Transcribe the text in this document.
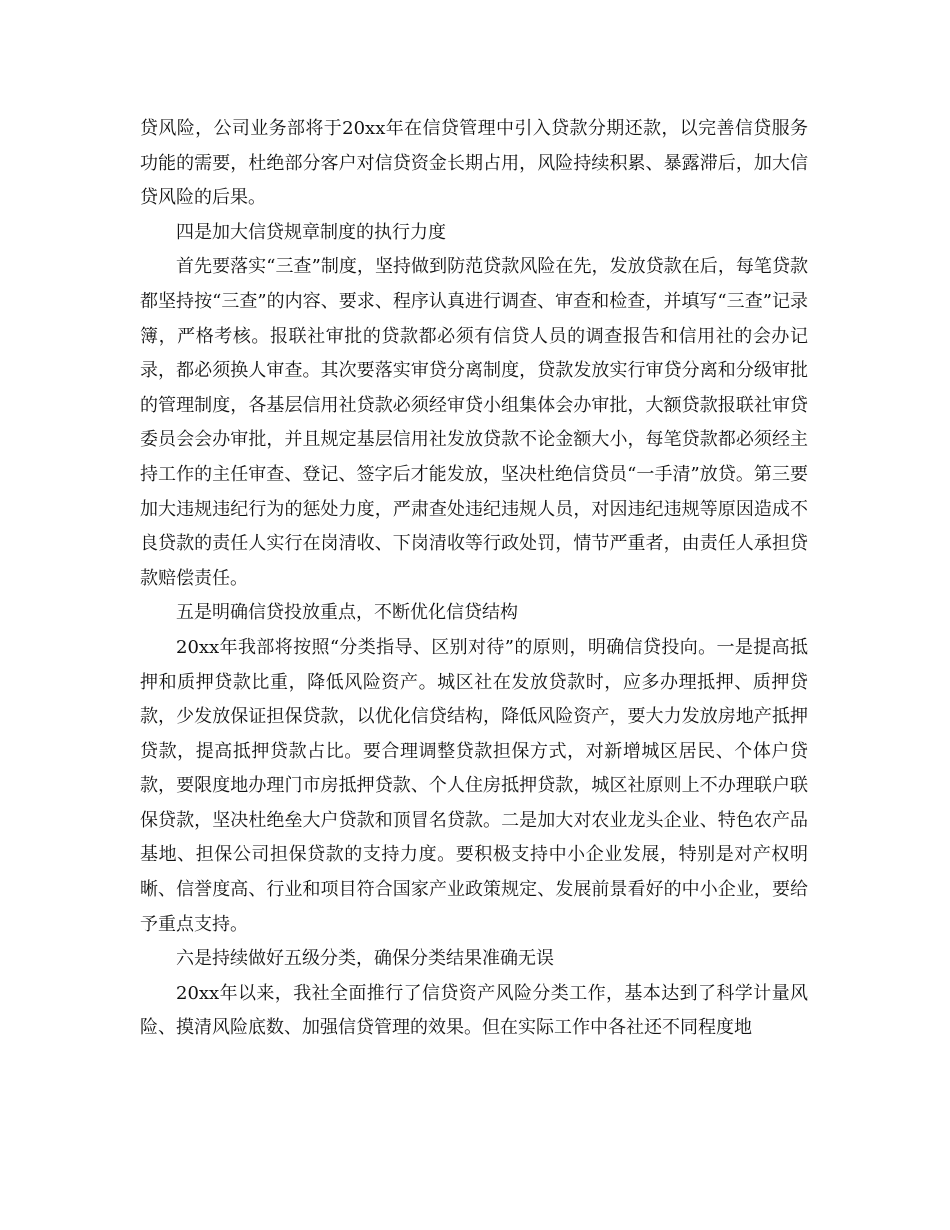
贷风险，公司业务部将于20xx年在信贷管理中引入贷款分期还款，以完善信贷服务功能的需要，杜绝部分客户对信贷资金长期占用，风险持续积累、暴露滞后，加大信贷风险的后果。

四是加大信贷规章制度的执行力度

首先要落实“三查”制度，坚持做到防范贷款风险在先，发放贷款在后，每笔贷款都坚持按“三查”的内容、要求、程序认真进行调查、审查和检查，并填写“三查”记录簿，严格考核。报联社审批的贷款都必须有信贷人员的调查报告和信用社的会办记录，都必须换人审查。其次要落实审贷分离制度，贷款发放实行审贷分离和分级审批的管理制度，各基层信用社贷款必须经审贷小组集体会办审批，大额贷款报联社审贷委员会会办审批，并且规定基层信用社发放贷款不论金额大小，每笔贷款都必须经主持工作的主任审查、登记、签字后才能发放，坚决杜绝信贷员“一手清”放贷。第三要加大违规违纪行为的惩处力度，严肃查处违纪违规人员，对因违纪违规等原因造成不良贷款的责任人实行在岗清收、下岗清收等行政处罚，情节严重者，由责任人承担贷款赔偿责任。

五是明确信贷投放重点，不断优化信贷结构

20xx年我部将按照“分类指导、区别对待”的原则，明确信贷投向。一是提高抵押和质押贷款比重，降低风险资产。城区社在发放贷款时，应多办理抵押、质押贷款，少发放保证担保贷款，以优化信贷结构，降低风险资产，要大力发放房地产抵押贷款，提高抵押贷款占比。要合理调整贷款担保方式，对新增城区居民、个体户贷款，要限度地办理门市房抵押贷款、个人住房抵押贷款，城区社原则上不办理联户联保贷款，坚决杜绝垒大户贷款和顶冒名贷款。二是加大对农业龙头企业、特色农产品基地、担保公司担保贷款的支持力度。要积极支持中小企业发展，特别是对产权明晰、信誉度高、行业和项目符合国家产业政策规定、发展前景看好的中小企业，要给予重点支持。

六是持续做好五级分类，确保分类结果准确无误

20xx年以来，我社全面推行了信贷资产风险分类工作，基本达到了科学计量风险、摸清风险底数、加强信贷管理的效果。但在实际工作中各社还不同程度地
